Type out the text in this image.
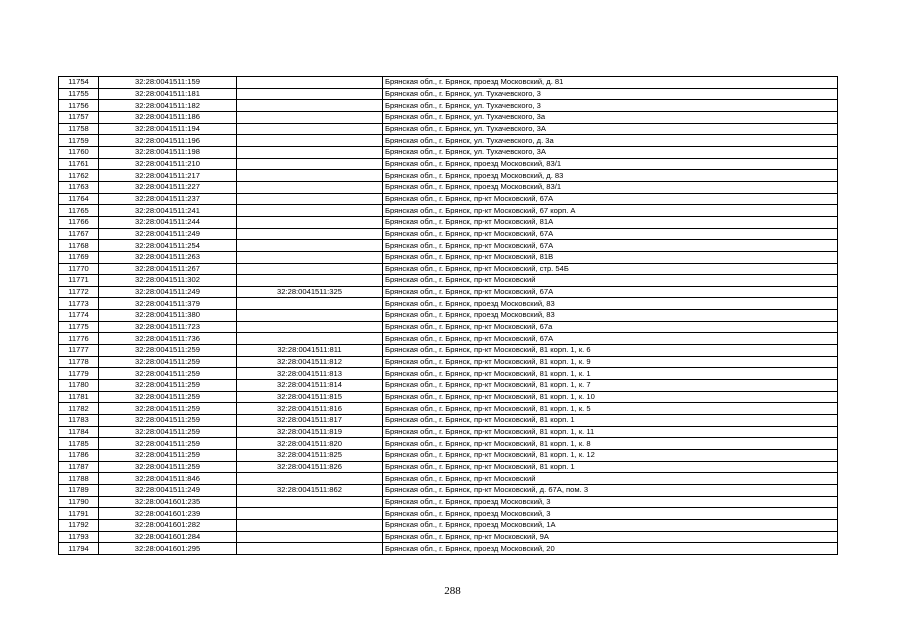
11754	32:28:0041511:159		Брянская обл., г. Брянск, проезд Московский, д. 81
11755	32:28:0041511:181		Брянская обл., г. Брянск, ул. Тухачевского, 3
11756	32:28:0041511:182		Брянская обл., г. Брянск, ул. Тухачевского, 3
11757	32:28:0041511:186		Брянская обл., г. Брянск, ул. Тухачевского, 3а
11758	32:28:0041511:194		Брянская обл., г. Брянск, ул. Тухачевского, 3А
11759	32:28:0041511:196		Брянская обл., г. Брянск, ул. Тухачевского, д. 3а
11760	32:28:0041511:198		Брянская обл., г. Брянск, ул. Тухачевского, 3А
11761	32:28:0041511:210		Брянская обл., г. Брянск, проезд Московский, 83/1
11762	32:28:0041511:217		Брянская обл., г. Брянск, проезд Московский, д. 83
11763	32:28:0041511:227		Брянская обл., г. Брянск, проезд Московский, 83/1
11764	32:28:0041511:237		Брянская обл., г. Брянск, пр-кт Московский, 67А
11765	32:28:0041511:241		Брянская обл., г. Брянск, пр-кт Московский, 67 корп. А
11766	32:28:0041511:244		Брянская обл., г. Брянск, пр-кт Московский, 81А
11767	32:28:0041511:249		Брянская обл., г. Брянск, пр-кт Московский, 67А
11768	32:28:0041511:254		Брянская обл., г. Брянск, пр-кт Московский, 67А
11769	32:28:0041511:263		Брянская обл., г. Брянск, пр-кт Московский, 81В
11770	32:28:0041511:267		Брянская обл., г. Брянск, пр-кт Московский, стр. 54Б
11771	32:28:0041511:302		Брянская обл., г. Брянск, пр-кт Московский
11772	32:28:0041511:249	32:28:0041511:325	Брянская обл., г. Брянск, пр-кт Московский, 67А
11773	32:28:0041511:379		Брянская обл., г. Брянск, проезд Московский, 83
11774	32:28:0041511:380		Брянская обл., г. Брянск, проезд Московский, 83
11775	32:28:0041511:723		Брянская обл., г. Брянск, пр-кт Московский, 67а
11776	32:28:0041511:736		Брянская обл., г. Брянск, пр-кт Московский, 67А
11777	32:28:0041511:259	32:28:0041511:811	Брянская обл., г. Брянск, пр-кт Московский, 81 корп. 1, к. 6
11778	32:28:0041511:259	32:28:0041511:812	Брянская обл., г. Брянск, пр-кт Московский, 81 корп. 1, к. 9
11779	32:28:0041511:259	32:28:0041511:813	Брянская обл., г. Брянск, пр-кт Московский, 81 корп. 1, к. 1
11780	32:28:0041511:259	32:28:0041511:814	Брянская обл., г. Брянск, пр-кт Московский, 81 корп. 1, к. 7
11781	32:28:0041511:259	32:28:0041511:815	Брянская обл., г. Брянск, пр-кт Московский, 81 корп. 1, к. 10
11782	32:28:0041511:259	32:28:0041511:816	Брянская обл., г. Брянск, пр-кт Московский, 81 корп. 1, к. 5
11783	32:28:0041511:259	32:28:0041511:817	Брянская обл., г. Брянск, пр-кт Московский, 81 корп. 1
11784	32:28:0041511:259	32:28:0041511:819	Брянская обл., г. Брянск, пр-кт Московский, 81 корп. 1, к. 11
11785	32:28:0041511:259	32:28:0041511:820	Брянская обл., г. Брянск, пр-кт Московский, 81 корп. 1, к. 8
11786	32:28:0041511:259	32:28:0041511:825	Брянская обл., г. Брянск, пр-кт Московский, 81 корп. 1, к. 12
11787	32:28:0041511:259	32:28:0041511:826	Брянская обл., г. Брянск, пр-кт Московский, 81 корп. 1
11788	32:28:0041511:846		Брянская обл., г. Брянск, пр-кт Московский
11789	32:28:0041511:249	32:28:0041511:862	Брянская обл., г. Брянск, пр-кт Московский, д. 67А, пом. 3
11790	32:28:0041601:235		Брянская обл., г. Брянск, проезд Московский, 3
11791	32:28:0041601:239		Брянская обл., г. Брянск, проезд Московский, 3
11792	32:28:0041601:282		Брянская обл., г. Брянск, проезд Московский, 1А
11793	32:28:0041601:284		Брянская обл., г. Брянск, пр-кт Московский, 9А
11794	32:28:0041601:295		Брянская обл., г. Брянск, проезд Московский, 20
288
